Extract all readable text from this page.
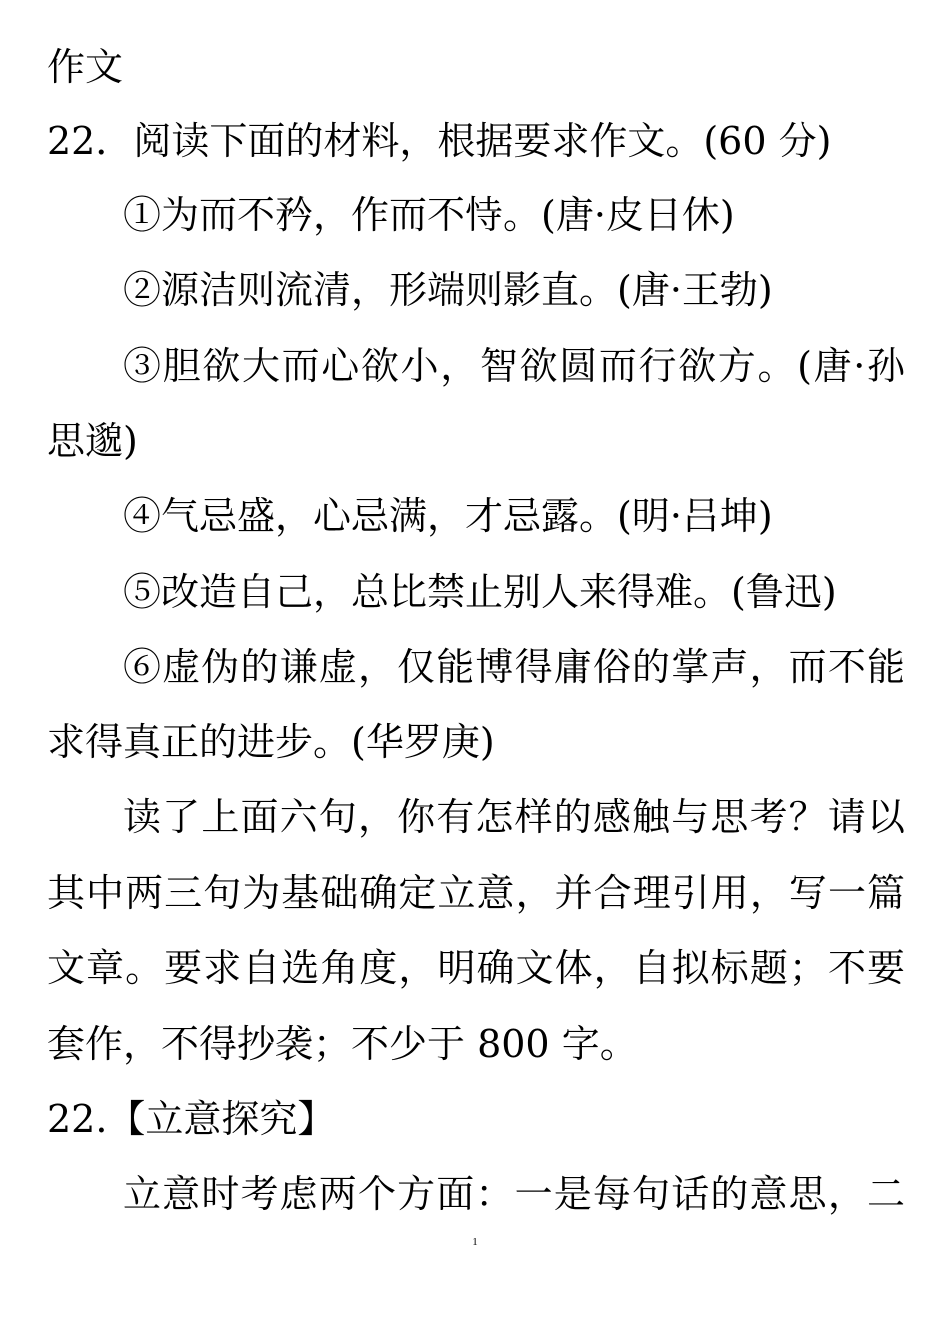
作文

22．阅读下面的材料，根据要求作文。(60 分)

①为而不矜，作而不恃。(唐·皮日休)

②源洁则流清，形端则影直。(唐·王勃)

③胆欲大而心欲小，智欲圆而行欲方。(唐·孙

思邈)

④气忌盛，心忌满，才忌露。(明·吕坤)

⑤改造自己，总比禁止别人来得难。(鲁迅)

⑥虚伪的谦虚，仅能博得庸俗的掌声，而不能

求得真正的进步。(华罗庚)

读了上面六句，你有怎样的感触与思考？请以

其中两三句为基础确定立意，并合理引用，写一篇

文章。要求自选角度，明确文体，自拟标题；不要

套作，不得抄袭；不少于 800 字。

22.【立意探究】

立意时考虑两个方面：一是每句话的意思，二

1
